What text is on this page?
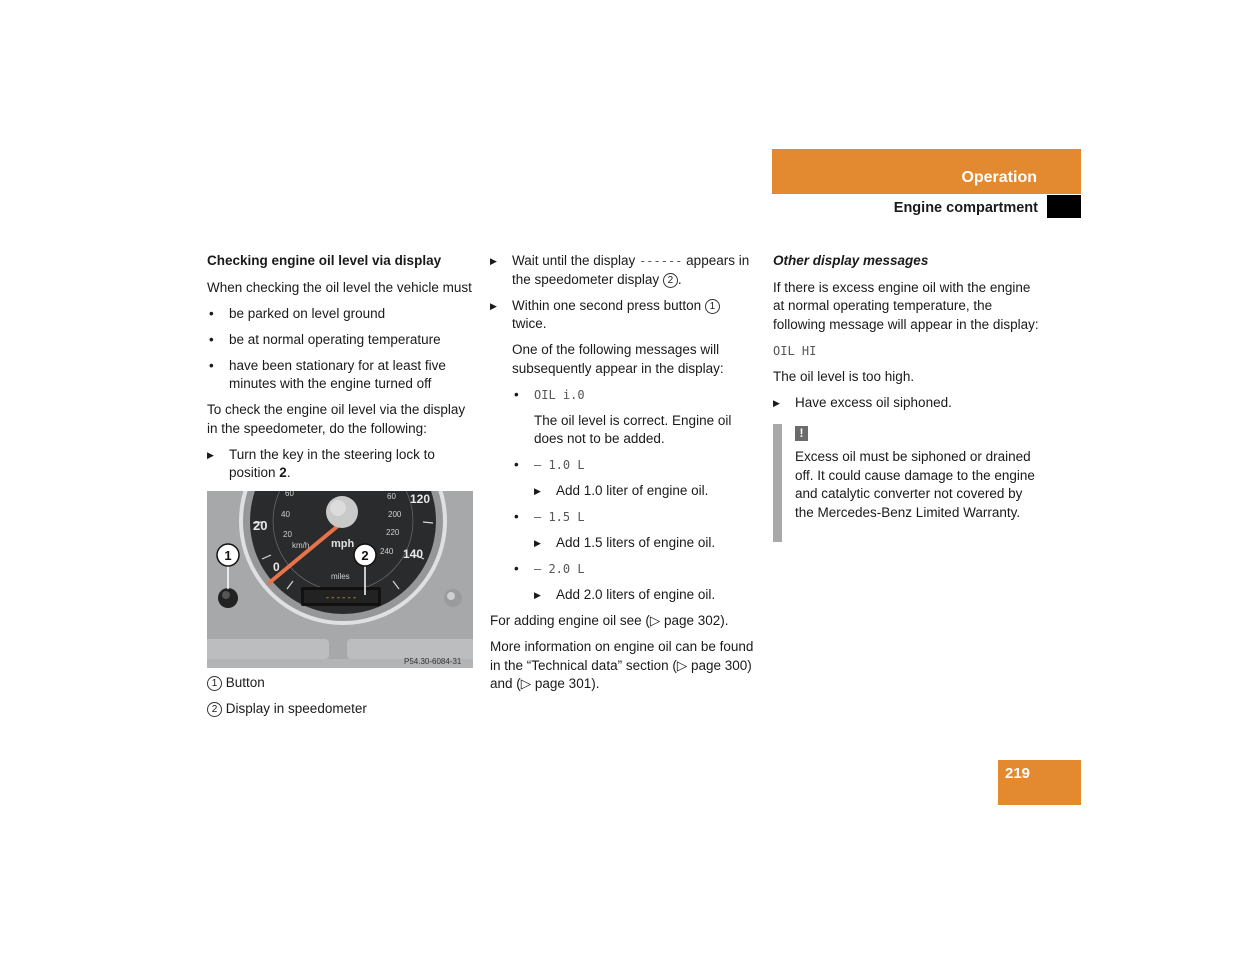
Operation
Engine compartment

Checking engine oil level via display

When checking the oil level the vehicle must

• be parked on level ground
• be at normal operating temperature
• have been stationary for at least five minutes with the engine turned off

To check the engine oil level via the display in the speedometer, do the following:

▶ Turn the key in the steering lock to position 2.
20
0
120
140
60
40
20
60
200
220
240
km/h
miles
mph
------
1	2
P54.30-6084-31

1 Button

2 Display in speedometer

▶ Wait until the display ------ appears in the speedometer display 2 .
▶ Within one second press button 1 twice.

One of the following messages will subsequently appear in the display:

• OIL i.0

The oil level is correct. Engine oil does not to be added.

• – 1.0 L
▶ Add 1.0 liter of engine oil.
• – 1.5 L
▶ Add 1.5 liters of engine oil.
• – 2.0 L
▶ Add 2.0 liters of engine oil.

For adding engine oil see (▷ page 302).

More information on engine oil can be found in the “Technical data” section (▷ page 300) and (▷ page 301).

Other display messages

If there is excess engine oil with the engine at normal operating temperature, the following message will appear in the display:

OIL HI

The oil level is too high.

▶ Have excess oil siphoned.
!

Excess oil must be siphoned or drained off. It could cause damage to the engine and catalytic converter not covered by the Mercedes-Benz Limited Warranty.

219
